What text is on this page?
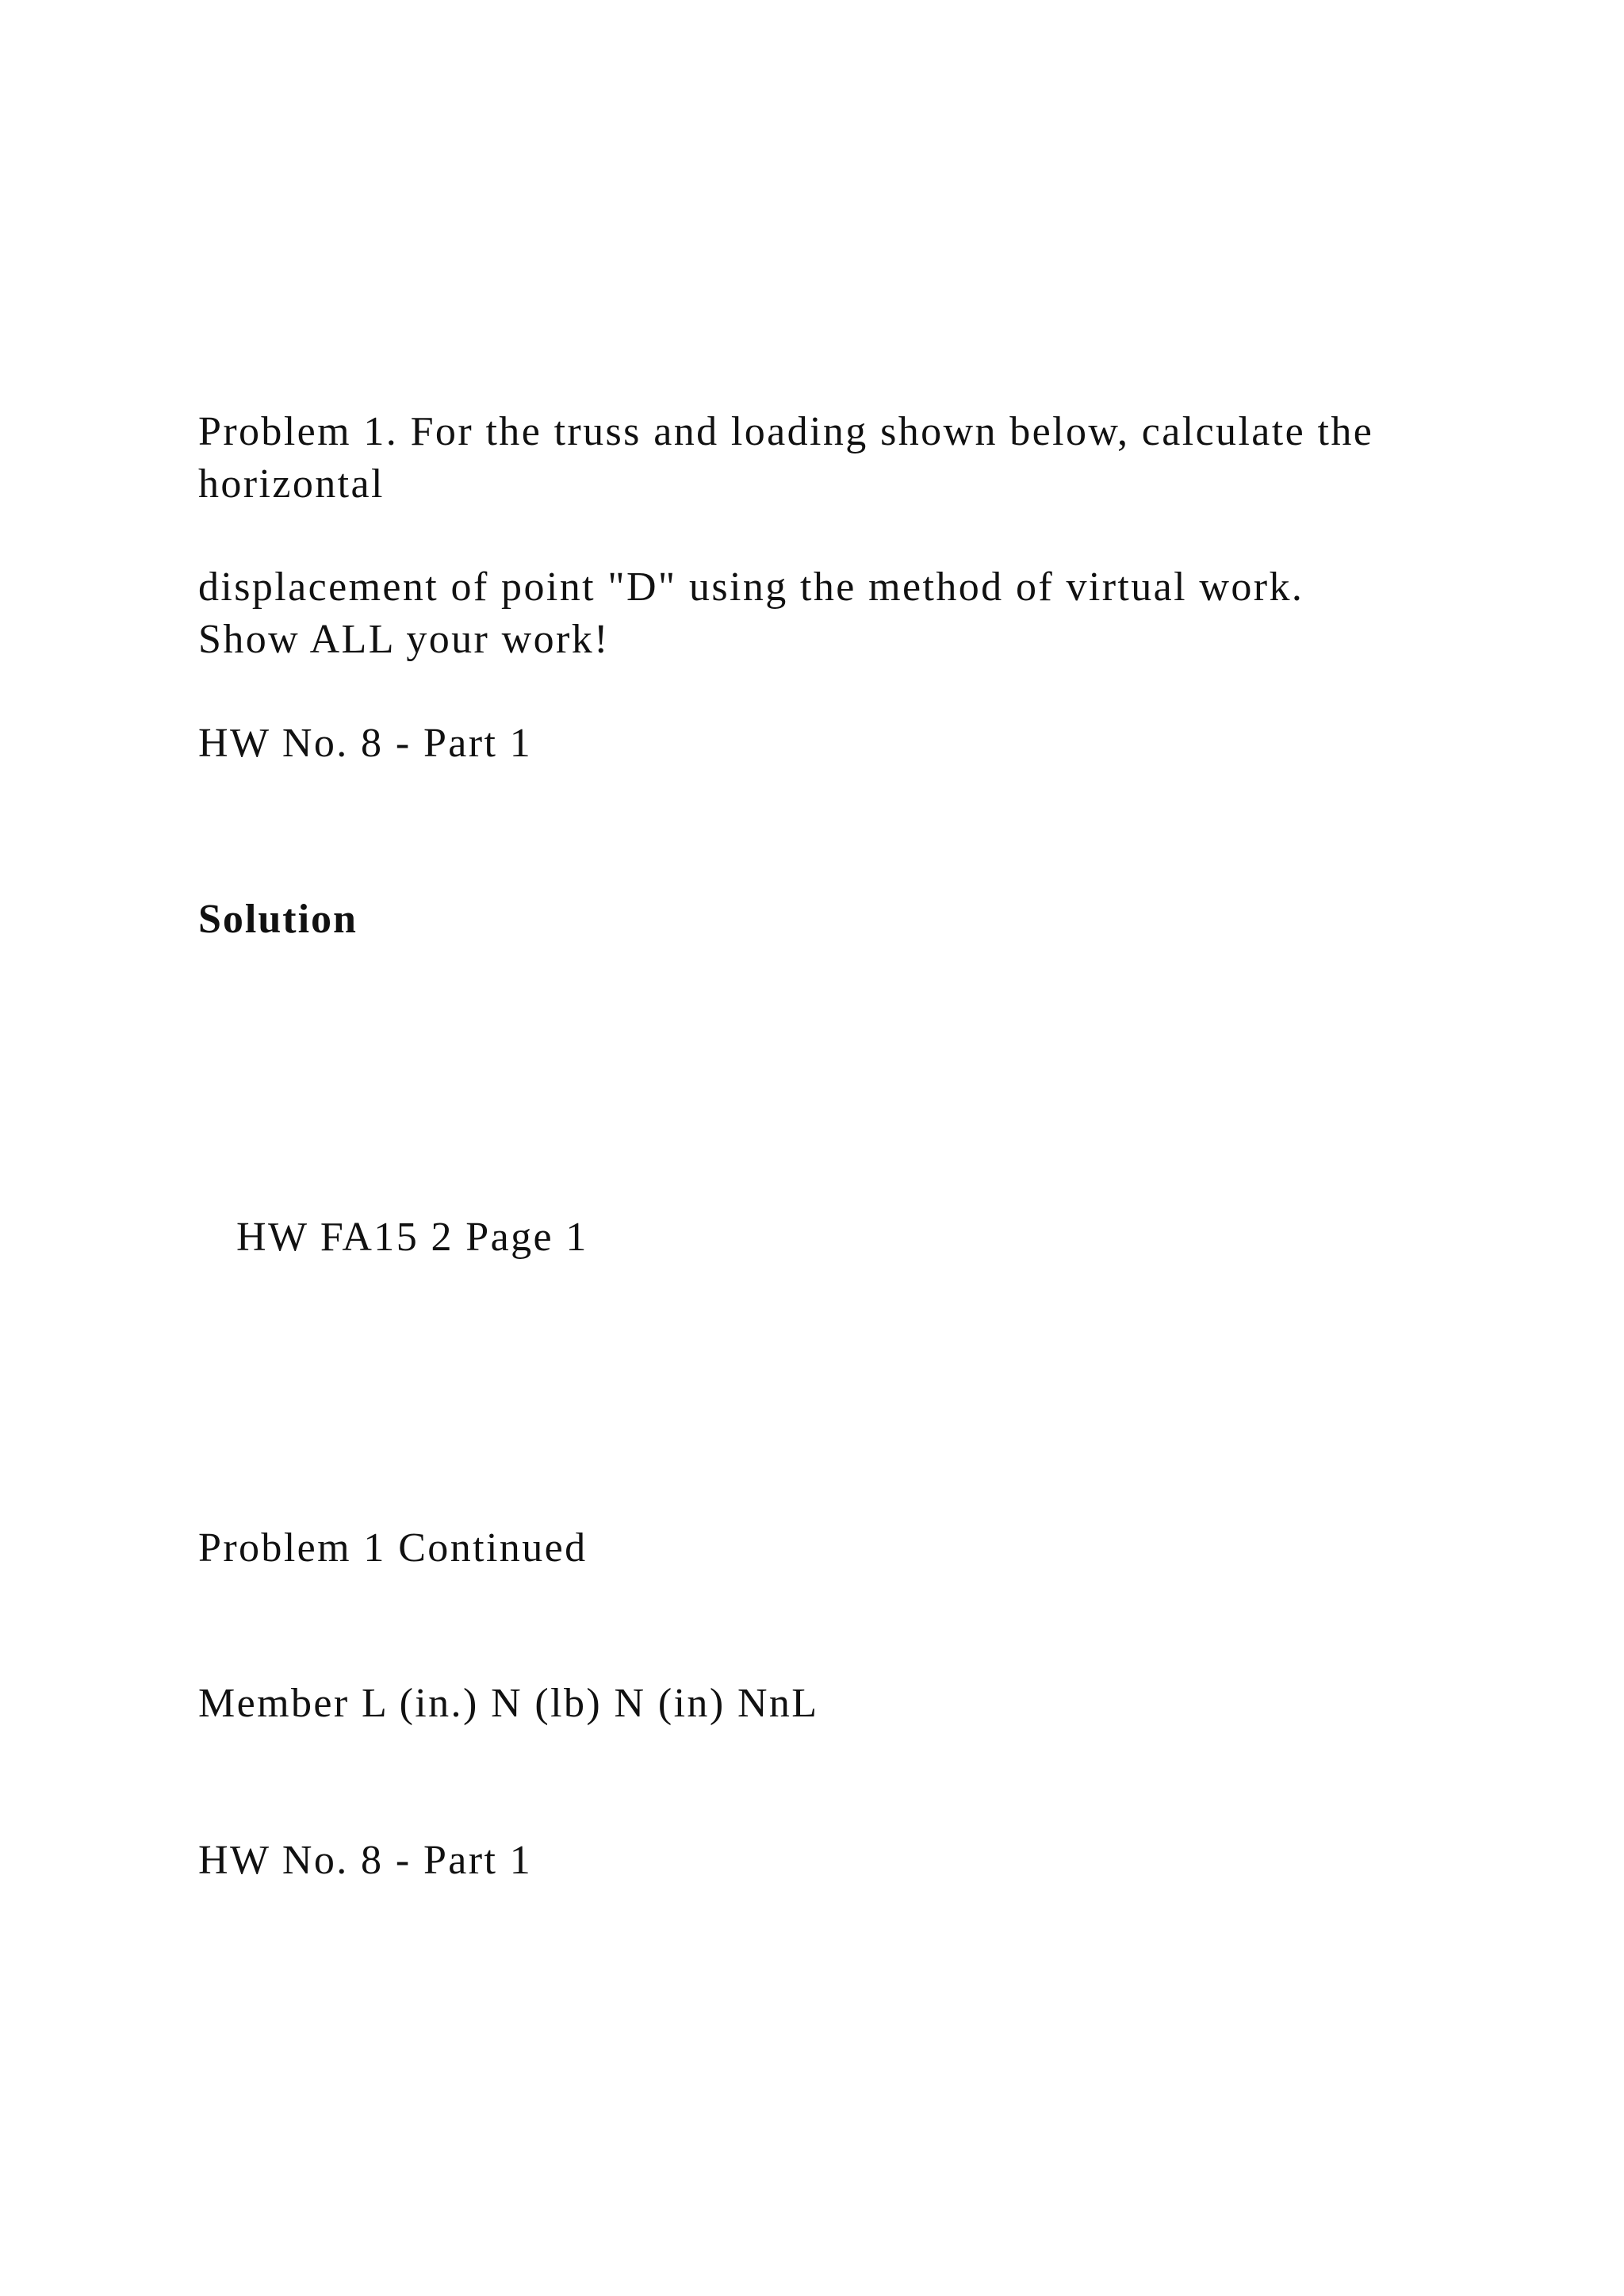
Problem 1. For the truss and loading shown below, calculate the

horizontal

displacement of point "D" using the method of virtual work.

Show ALL your work!

HW No. 8 - Part 1

Solution

HW FA15 2 Page 1

Problem 1 Continued

Member L (in.) N (lb) N (in) NnL

HW No. 8 - Part 1
